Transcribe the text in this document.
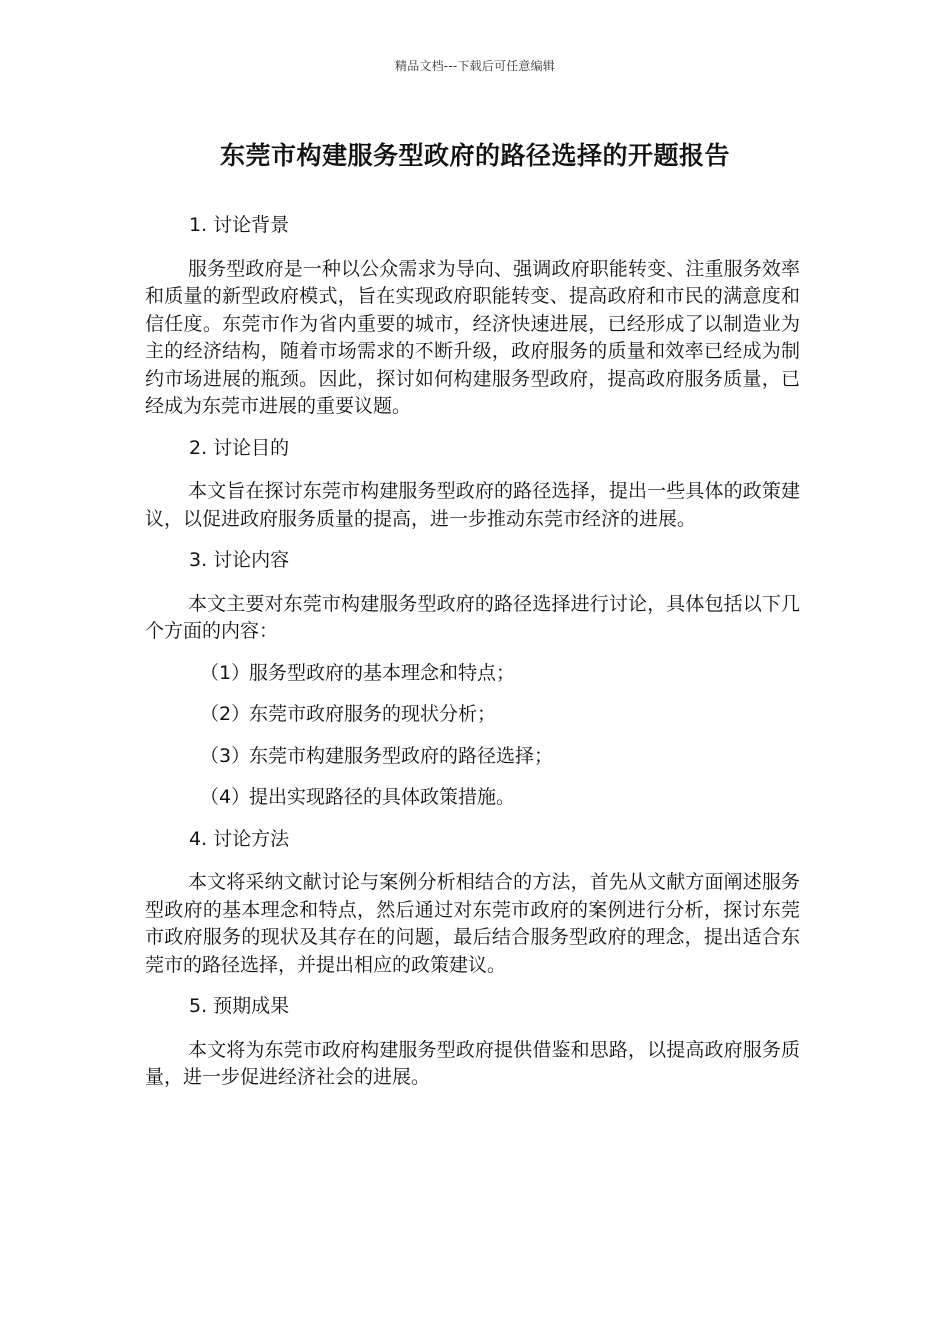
精品文档---下载后可任意编辑
东莞市构建服务型政府的路径选择的开题报告

1. 讨论背景

服务型政府是一种以公众需求为导向、强调政府职能转变、注重服务效率和质量的新型政府模式，旨在实现政府职能转变、提高政府和市民的满意度和信任度。东莞市作为省内重要的城市，经济快速进展，已经形成了以制造业为主的经济结构，随着市场需求的不断升级，政府服务的质量和效率已经成为制约市场进展的瓶颈。因此，探讨如何构建服务型政府，提高政府服务质量，已经成为东莞市进展的重要议题。

2. 讨论目的

本文旨在探讨东莞市构建服务型政府的路径选择，提出一些具体的政策建议，以促进政府服务质量的提高，进一步推动东莞市经济的进展。

3. 讨论内容

本文主要对东莞市构建服务型政府的路径选择进行讨论，具体包括以下几个方面的内容：

（1）服务型政府的基本理念和特点；

（2）东莞市政府服务的现状分析；

（3）东莞市构建服务型政府的路径选择；

（4）提出实现路径的具体政策措施。

4. 讨论方法

本文将采纳文献讨论与案例分析相结合的方法，首先从文献方面阐述服务型政府的基本理念和特点，然后通过对东莞市政府的案例进行分析，探讨东莞市政府服务的现状及其存在的问题，最后结合服务型政府的理念，提出适合东莞市的路径选择，并提出相应的政策建议。

5. 预期成果

本文将为东莞市政府构建服务型政府提供借鉴和思路，以提高政府服务质量，进一步促进经济社会的进展。
